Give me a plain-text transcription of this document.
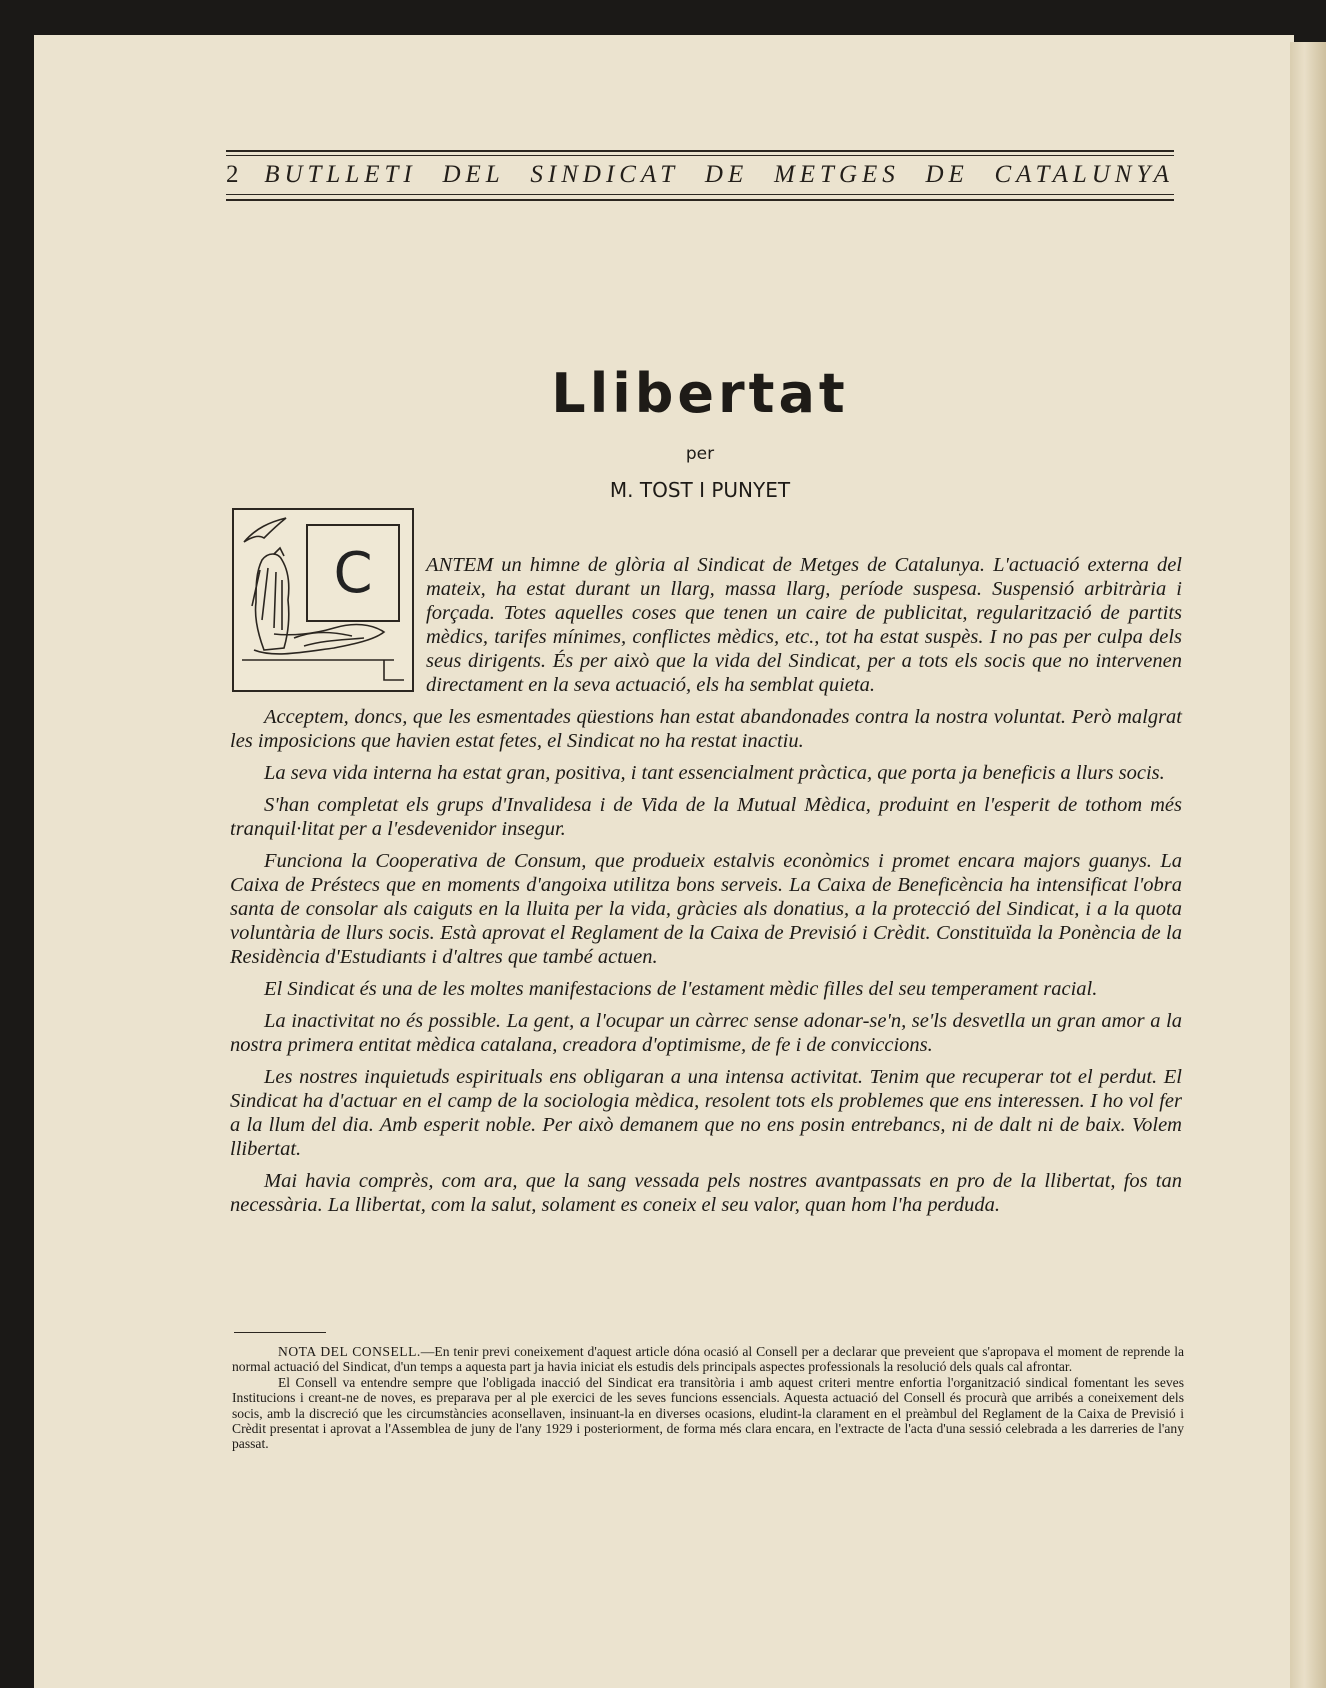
2 BUTLLETI DEL SINDICAT DE METGES DE CATALUNYA
Llibertat
per
M. TOST I PUNYET
C	ANTEM un himne de glòria al Sindicat de Metges de Catalunya. L'actuació externa del mateix, ha estat durant un llarg, massa llarg, període suspesa. Suspensió arbitrària i forçada. Totes aquelles coses que tenen un caire de publicitat, regularització de partits mèdics, tarifes mínimes, conflictes mèdics, etc., tot ha estat suspès. I no pas per culpa dels seus dirigents. És per això que la vida del Sindicat, per a tots els socis que no intervenen directament en la seva actuació, els ha semblat quieta.

Acceptem, doncs, que les esmentades qüestions han estat abandonades contra la nostra voluntat. Però malgrat les imposicions que havien estat fetes, el Sindicat no ha restat inactiu.

La seva vida interna ha estat gran, positiva, i tant essencialment pràctica, que porta ja beneficis a llurs socis.

S'han completat els grups d'Invalidesa i de Vida de la Mutual Mèdica, produint en l'esperit de tothom més tranquil·litat per a l'esdevenidor insegur.

Funciona la Cooperativa de Consum, que produeix estalvis econòmics i promet encara majors guanys. La Caixa de Préstecs que en moments d'angoixa utilitza bons serveis. La Caixa de Beneficència ha intensificat l'obra santa de consolar als caiguts en la lluita per la vida, gràcies als donatius, a la protecció del Sindicat, i a la quota voluntària de llurs socis. Està aprovat el Reglament de la Caixa de Previsió i Crèdit. Constituïda la Ponència de la Residència d'Estudiants i d'altres que també actuen.

El Sindicat és una de les moltes manifestacions de l'estament mèdic filles del seu temperament racial.

La inactivitat no és possible. La gent, a l'ocupar un càrrec sense adonar-se'n, se'ls desvetlla un gran amor a la nostra primera entitat mèdica catalana, creadora d'optimisme, de fe i de conviccions.

Les nostres inquietuds espirituals ens obligaran a una intensa activitat. Tenim que recuperar tot el perdut. El Sindicat ha d'actuar en el camp de la sociologia mèdica, resolent tots els problemes que ens interessen. I ho vol fer a la llum del dia. Amb esperit noble. Per això demanem que no ens posin entrebancs, ni de dalt ni de baix. Volem llibertat.

Mai havia comprès, com ara, que la sang vessada pels nostres avantpassats en pro de la llibertat, fos tan necessària. La llibertat, com la salut, solament es coneix el seu valor, quan hom l'ha perduda.

NOTA DEL CONSELL.—En tenir previ coneixement d'aquest article dóna ocasió al Consell per a declarar que preveient que s'apropava el moment de reprende la normal actuació del Sindicat, d'un temps a aquesta part ja havia iniciat els estudis dels principals aspectes professionals la resolució dels quals cal afrontar.

El Consell va entendre sempre que l'obligada inacció del Sindicat era transitòria i amb aquest criteri mentre enfortia l'organització sindical fomentant les seves Institucions i creant-ne de noves, es preparava per al ple exercici de les seves funcions essencials. Aquesta actuació del Consell és procurà que arribés a coneixement dels socis, amb la discreció que les circumstàncies aconsellaven, insinuant-la en diverses ocasions, eludint-la clarament en el preàmbul del Reglament de la Caixa de Previsió i Crèdit presentat i aprovat a l'Assemblea de juny de l'any 1929 i posteriorment, de forma més clara encara, en l'extracte de l'acta d'una sessió celebrada a les darreries de l'any passat.
